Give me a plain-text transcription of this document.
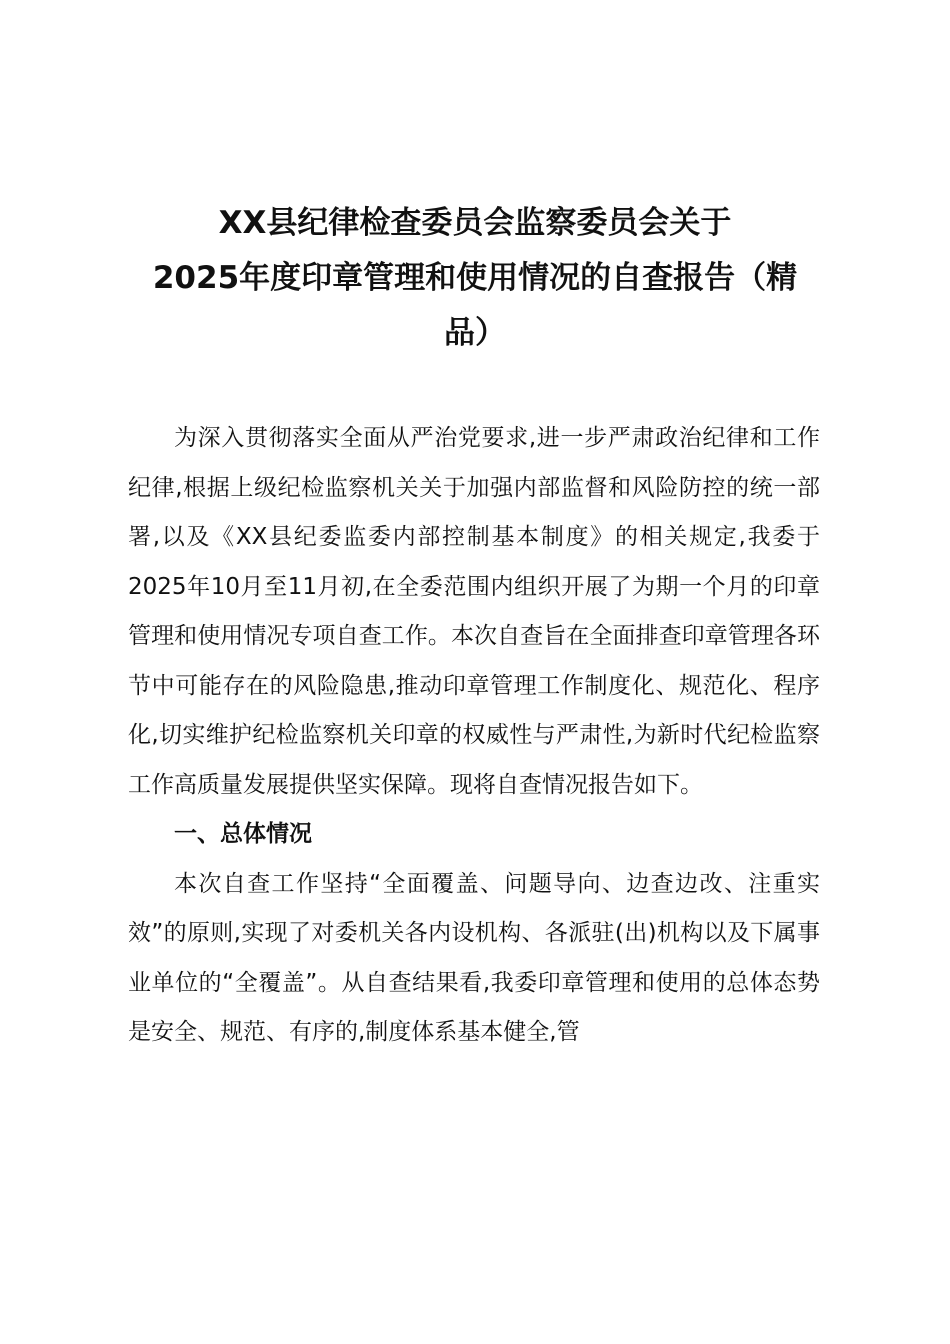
XX县纪律检查委员会监察委员会关于
2025年度印章管理和使用情况的自查报告（精
品）

为深入贯彻落实全面从严治党要求,进一步严肃政治纪律和工作纪律,根据上级纪检监察机关关于加强内部监督和风险防控的统一部署,以及《XX县纪委监委内部控制基本制度》的相关规定,我委于2025年10月至11月初,在全委范围内组织开展了为期一个月的印章管理和使用情况专项自查工作。本次自查旨在全面排查印章管理各环节中可能存在的风险隐患,推动印章管理工作制度化、规范化、程序化,切实维护纪检监察机关印章的权威性与严肃性,为新时代纪检监察工作高质量发展提供坚实保障。现将自查情况报告如下。

一、总体情况

本次自查工作坚持“全面覆盖、问题导向、边查边改、注重实效”的原则,实现了对委机关各内设机构、各派驻(出)机构以及下属事业单位的“全覆盖”。从自查结果看,我委印章管理和使用的总体态势是安全、规范、有序的,制度体系基本健全,管
